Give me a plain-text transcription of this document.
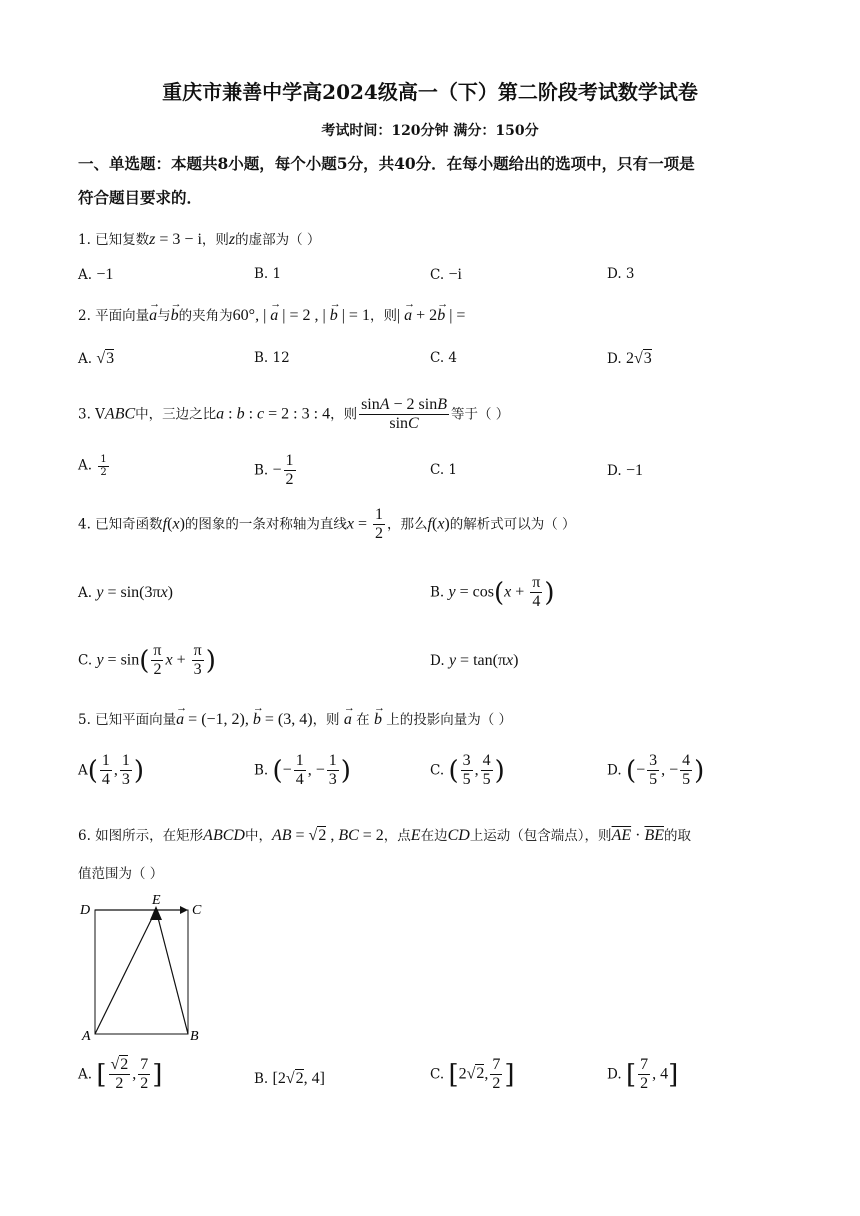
重庆市兼善中学高2024级高一（下）第二阶段考试数学试卷
考试时间：120分钟 满分：150分
一、单选题：本题共8小题，每个小题5分，共40分．在每小题给出的选项中，只有一项是
符合题目要求的．
1. 已知复数z = 3 − i，则z的虚部为（ ）
A. −1	B. 1	C. −i	D. 3
2. 平面向量→ a与→ b的夹角为60°, | → a | = 2 , | → b | = 1，则| → a + 2→ b | =
A. √3	B. 12	C. 4	D. 2√3
3. VABC中，三边之比a : b : c = 2 : 3 : 4，则 $\frac{\sin A - 2 \sin B}{\sin C}$ 等于（ ）
A. $\frac{1}{2}$	B. − $\frac{1}{2}$	C. 1	D. −1
4. 已知奇函数f(x)的图象的一条对称轴为直线$x = \frac{1}{2}$ ，那么f(x)的解析式可以为（ ）
A. y = sin(3πx)	B. $y = \cos(x + \frac{\pi}{4}$ )
C. $y = \sin( \frac{\pi}{2}$ $x + \frac{\pi}{3}$ )	D. y = tan(πx)
5. 已知平面向量→ a = (−1, 2), → b = (3, 4)，则 → a 在 → b 上的投影向量为（ ）
$A( \frac{1}{4}$ , $\frac{1}{3}$ )	B. (− $\frac{1}{4}$ , − $\frac{1}{3}$ )	C. ( $\frac{3}{5}$ , $\frac{4}{5}$ )	D. (− $\frac{3}{5}$ , − $\frac{4}{5}$ )
6. 如图所示，在矩形ABCD中，AB = √2 , BC = 2，点E在边CD上运动（包含端点），则$\overline{AE} \cdot \overline{BE}$的取
值范围为（ ）
D	C
E
A	B
A. [ $\frac{√2}{2}$ , $\frac{7}{2}$ ]	B. [2√2, 4]	C. [2√2, $\frac{7}{2}$ ]	D. [ $\frac{7}{2}$ , 4]
